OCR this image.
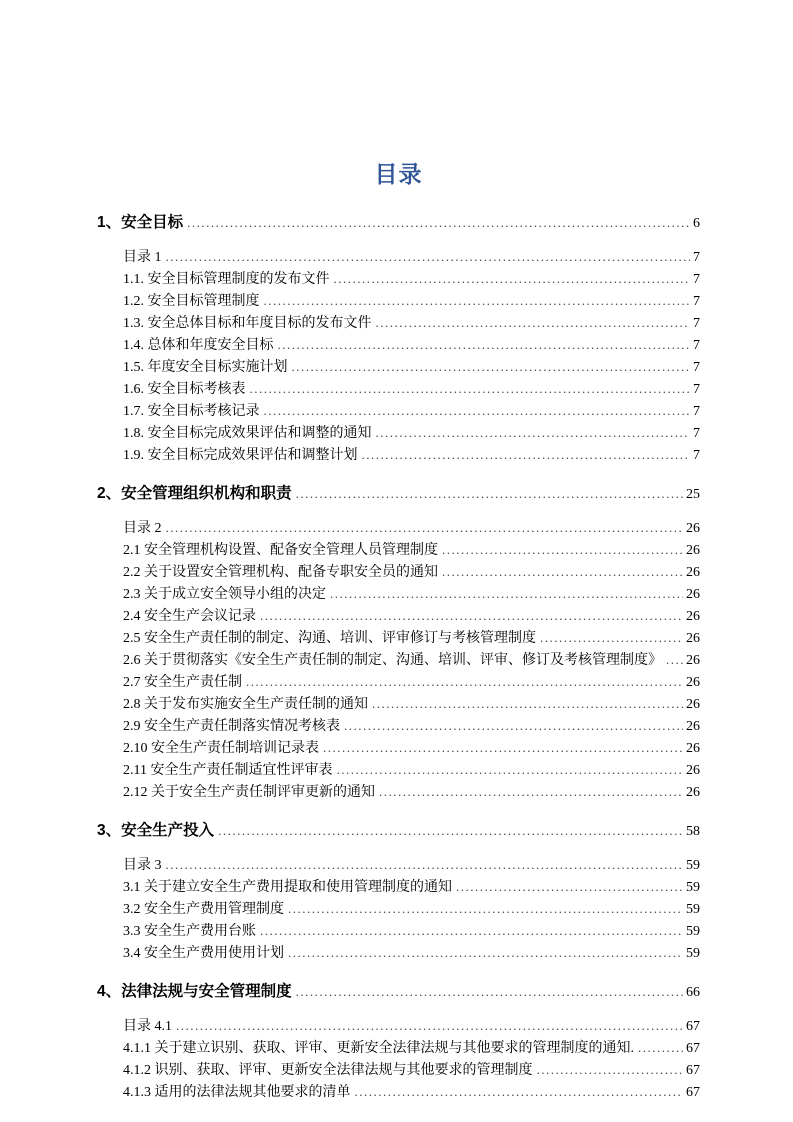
目录
1、安全目标 .....	6
目录 1 .....	7
1.1. 安全目标管理制度的发布文件 .....	7
1.2. 安全目标管理制度 .....	7
1.3. 安全总体目标和年度目标的发布文件 .....	7
1.4. 总体和年度安全目标 .....	7
1.5. 年度安全目标实施计划 .....	7
1.6. 安全目标考核表 .....	7
1.7. 安全目标考核记录 .....	7
1.8. 安全目标完成效果评估和调整的通知 .....	7
1.9. 安全目标完成效果评估和调整计划 .....	7
2、安全管理组织机构和职责 .....	25
目录 2 .....	26
2.1 安全管理机构设置、配备安全管理人员管理制度 .....	26
2.2 关于设置安全管理机构、配备专职安全员的通知 .....	26
2.3 关于成立安全领导小组的决定 .....	26
2.4 安全生产会议记录 .....	26
2.5 安全生产责任制的制定、沟通、培训、评审修订与考核管理制度 .....	26
2.6 关于贯彻落实《安全生产责任制的制定、沟通、培训、评审、修订及考核管理制度》 ..... 26
2.7 安全生产责任制 .....	26
2.8 关于发布实施安全生产责任制的通知 .....	26
2.9 安全生产责任制落实情况考核表 .....	26
2.10 安全生产责任制培训记录表 .....	26
2.11 安全生产责任制适宜性评审表 .....	26
2.12 关于安全生产责任制评审更新的通知 .....	26
3、安全生产投入 .....	58
目录 3 .....	59
3.1 关于建立安全生产费用提取和使用管理制度的通知 .....	59
3.2 安全生产费用管理制度 .....	59
3.3 安全生产费用台账 .....	59
3.4 安全生产费用使用计划 .....	59
4、法律法规与安全管理制度 .....	66
目录 4.1 .....	67
4.1.1 关于建立识别、获取、评审、更新安全法律法规与其他要求的管理制度的通知. .....	67
4.1.2 识别、获取、评审、更新安全法律法规与其他要求的管理制度 .....	67
4.1.3 适用的法律法规其他要求的清单 .....	67
